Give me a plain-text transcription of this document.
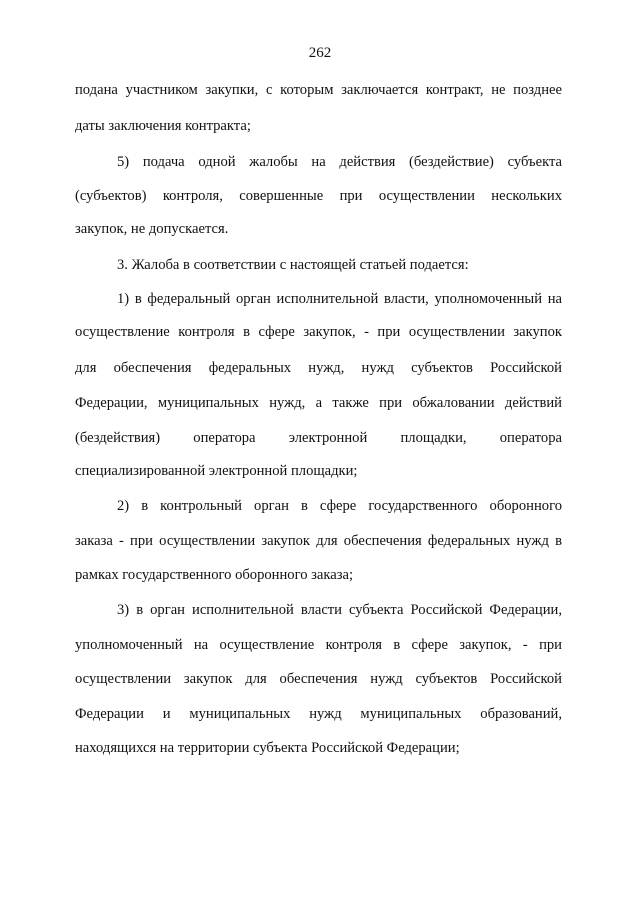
262
подана участником закупки, с которым заключается контракт, не позднее
даты заключения контракта;
5) подача одной жалобы на действия (бездействие) субъекта
(субъектов) контроля, совершенные при осуществлении нескольких
закупок, не допускается.
3. Жалоба в соответствии с настоящей статьей подается:
1) в федеральный орган исполнительной власти, уполномоченный на
осуществление контроля в сфере закупок, - при осуществлении закупок
для обеспечения федеральных нужд, нужд субъектов Российской
Федерации, муниципальных нужд, а также при обжаловании действий
(бездействия) оператора электронной площадки, оператора
специализированной электронной площадки;
2) в контрольный орган в сфере государственного оборонного
заказа - при осуществлении закупок для обеспечения федеральных нужд в
рамках государственного оборонного заказа;
3) в орган исполнительной власти субъекта Российской Федерации,
уполномоченный на осуществление контроля в сфере закупок, - при
осуществлении закупок для обеспечения нужд субъектов Российской
Федерации и муниципальных нужд муниципальных образований,
находящихся на территории субъекта Российской Федерации;
